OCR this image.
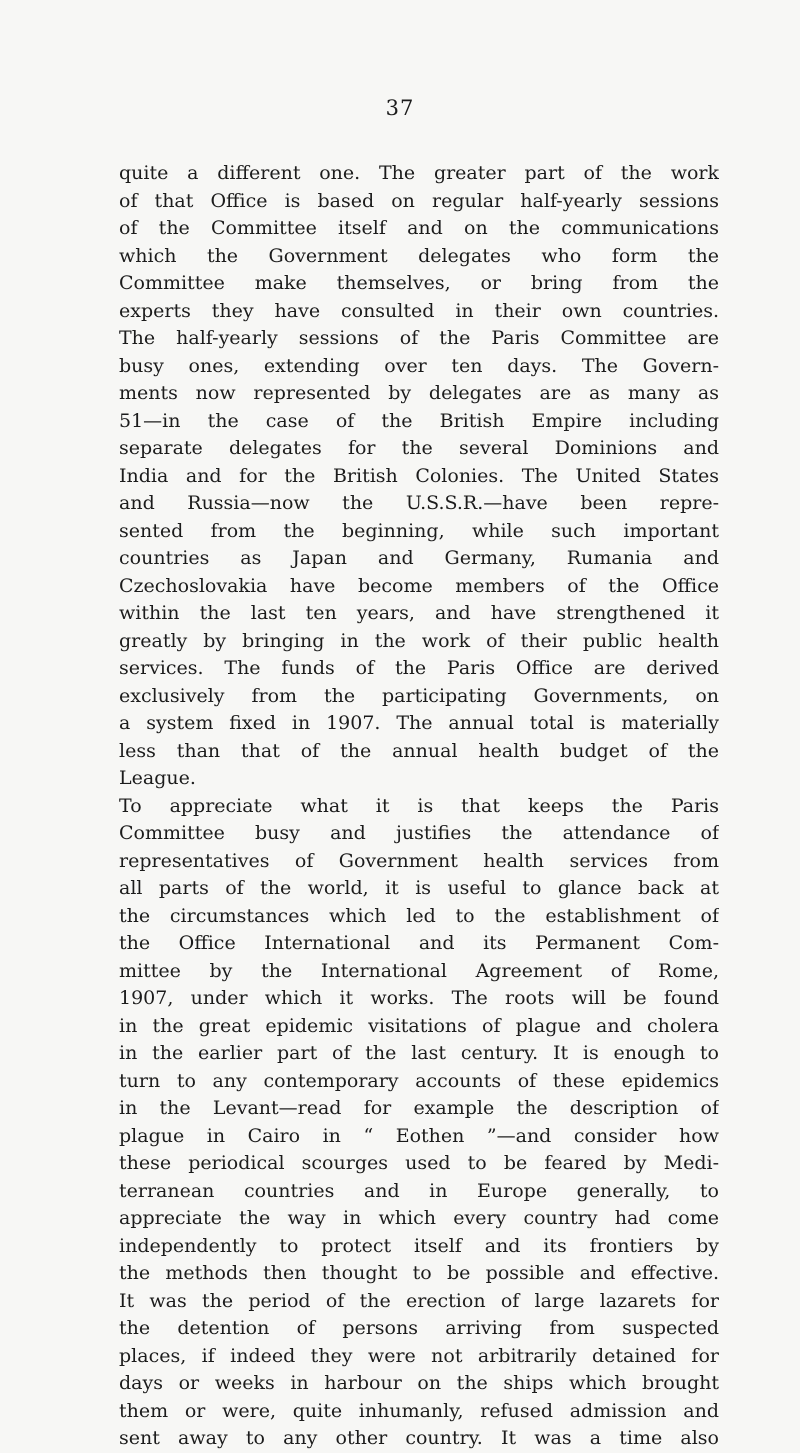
37
quite a different one. The greater part of the work
of that Office is based on regular half-yearly sessions
of the Committee itself and on the communications
which the Government delegates who form the
Committee make themselves, or bring from the
experts they have consulted in their own countries.
The half-yearly sessions of the Paris Committee are
busy ones, extending over ten days. The Govern-
ments now represented by delegates are as many as
51—in the case of the British Empire including
separate delegates for the several Dominions and
India and for the British Colonies. The United States
and Russia—now the U.S.S.R.—have been repre-
sented from the beginning, while such important
countries as Japan and Germany, Rumania and
Czechoslovakia have become members of the Office
within the last ten years, and have strengthened it
greatly by bringing in the work of their public health
services. The funds of the Paris Office are derived
exclusively from the participating Governments, on
a system fixed in 1907. The annual total is materially
less than that of the annual health budget of the
League.
To appreciate what it is that keeps the Paris
Committee busy and justifies the attendance of
representatives of Government health services from
all parts of the world, it is useful to glance back at
the circumstances which led to the establishment of
the Office International and its Permanent Com-
mittee by the International Agreement of Rome,
1907, under which it works. The roots will be found
in the great epidemic visitations of plague and cholera
in the earlier part of the last century. It is enough to
turn to any contemporary accounts of these epidemics
in the Levant—read for example the description of
plague in Cairo in “ Eothen ”—and consider how
these periodical scourges used to be feared by Medi-
terranean countries and in Europe generally, to
appreciate the way in which every country had come
independently to protect itself and its frontiers by
the methods then thought to be possible and effective.
It was the period of the erection of large lazarets for
the detention of persons arriving from suspected
places, if indeed they were not arbitrarily detained for
days or weeks in harbour on the ships which brought
them or were, quite inhumanly, refused admission and
sent away to any other country. It was a time also
